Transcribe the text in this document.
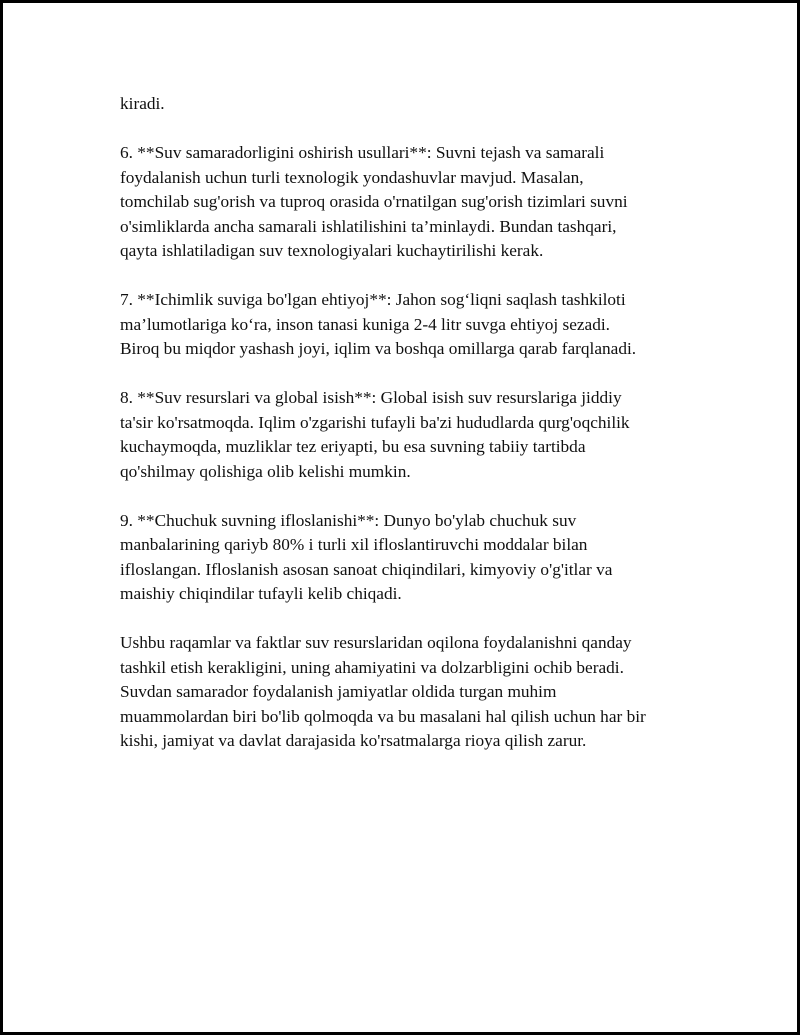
kiradi.

6. **Suv samaradorligini oshirish usullari**: Suvni tejash va samarali
foydalanish uchun turli texnologik yondashuvlar mavjud. Masalan,
tomchilab sug'orish va tuproq orasida o'rnatilgan sug'orish tizimlari suvni
o'simliklarda ancha samarali ishlatilishini ta’minlaydi. Bundan tashqari,
qayta ishlatiladigan suv texnologiyalari kuchaytirilishi kerak.

7. **Ichimlik suviga bo'lgan ehtiyoj**: Jahon sog‘liqni saqlash tashkiloti
ma’lumotlariga ko‘ra, inson tanasi kuniga 2-4 litr suvga ehtiyoj sezadi.
Biroq bu miqdor yashash joyi, iqlim va boshqa omillarga qarab farqlanadi.

8. **Suv resurslari va global isish**: Global isish suv resurslariga jiddiy
ta'sir ko'rsatmoqda. Iqlim o'zgarishi tufayli ba'zi hududlarda qurg'oqchilik
kuchaymoqda, muzliklar tez eriyapti, bu esa suvning tabiiy tartibda
qo'shilmay qolishiga olib kelishi mumkin.

9. **Chuchuk suvning ifloslanishi**: Dunyo bo'ylab chuchuk suv
manbalarining qariyb 80% i turli xil ifloslantiruvchi moddalar bilan
ifloslangan. Ifloslanish asosan sanoat chiqindilari, kimyoviy o'g'itlar va
maishiy chiqindilar tufayli kelib chiqadi.

Ushbu raqamlar va faktlar suv resurslaridan oqilona foydalanishni qanday
tashkil etish kerakligini, uning ahamiyatini va dolzarbligini ochib beradi.
Suvdan samarador foydalanish jamiyatlar oldida turgan muhim
muammolardan biri bo'lib qolmoqda va bu masalani hal qilish uchun har bir
kishi, jamiyat va davlat darajasida ko'rsatmalarga rioya qilish zarur.
